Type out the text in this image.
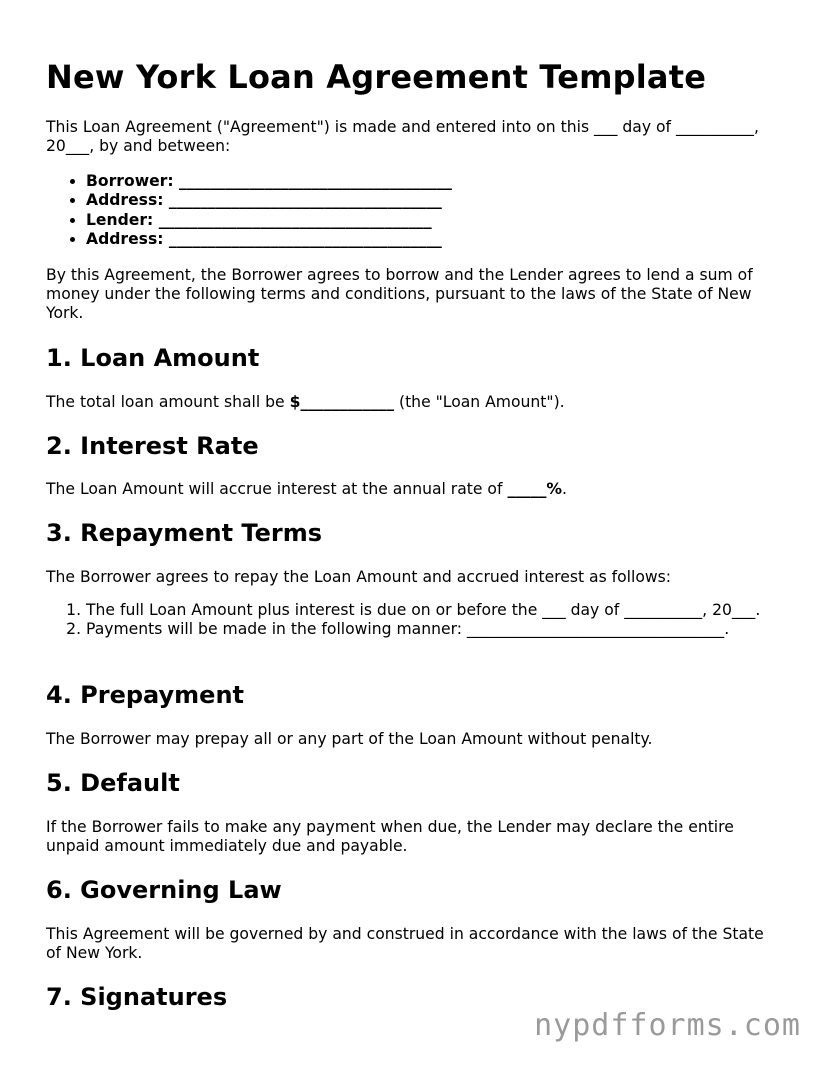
New York Loan Agreement Template

This Loan Agreement ("Agreement") is made and entered into on this ___ day of __________, 20___, by and between:

• Borrower: ___________________________________
• Address: ___________________________________
• Lender: ___________________________________
• Address: ___________________________________

By this Agreement, the Borrower agrees to borrow and the Lender agrees to lend a sum of money under the following terms and conditions, pursuant to the laws of the State of New York.

1. Loan Amount

The total loan amount shall be $____________ (the "Loan Amount").

2. Interest Rate

The Loan Amount will accrue interest at the annual rate of _____%.

3. Repayment Terms

The Borrower agrees to repay the Loan Amount and accrued interest as follows:

1. The full Loan Amount plus interest is due on or before the ___ day of __________, 20___.
2. Payments will be made in the following manner: _________________________________.
4. Prepayment

The Borrower may prepay all or any part of the Loan Amount without penalty.

5. Default

If the Borrower fails to make any payment when due, the Lender may declare the entire unpaid amount immediately due and payable.

6. Governing Law

This Agreement will be governed by and construed in accordance with the laws of the State of New York.

7. Signatures
nypdfforms.com
